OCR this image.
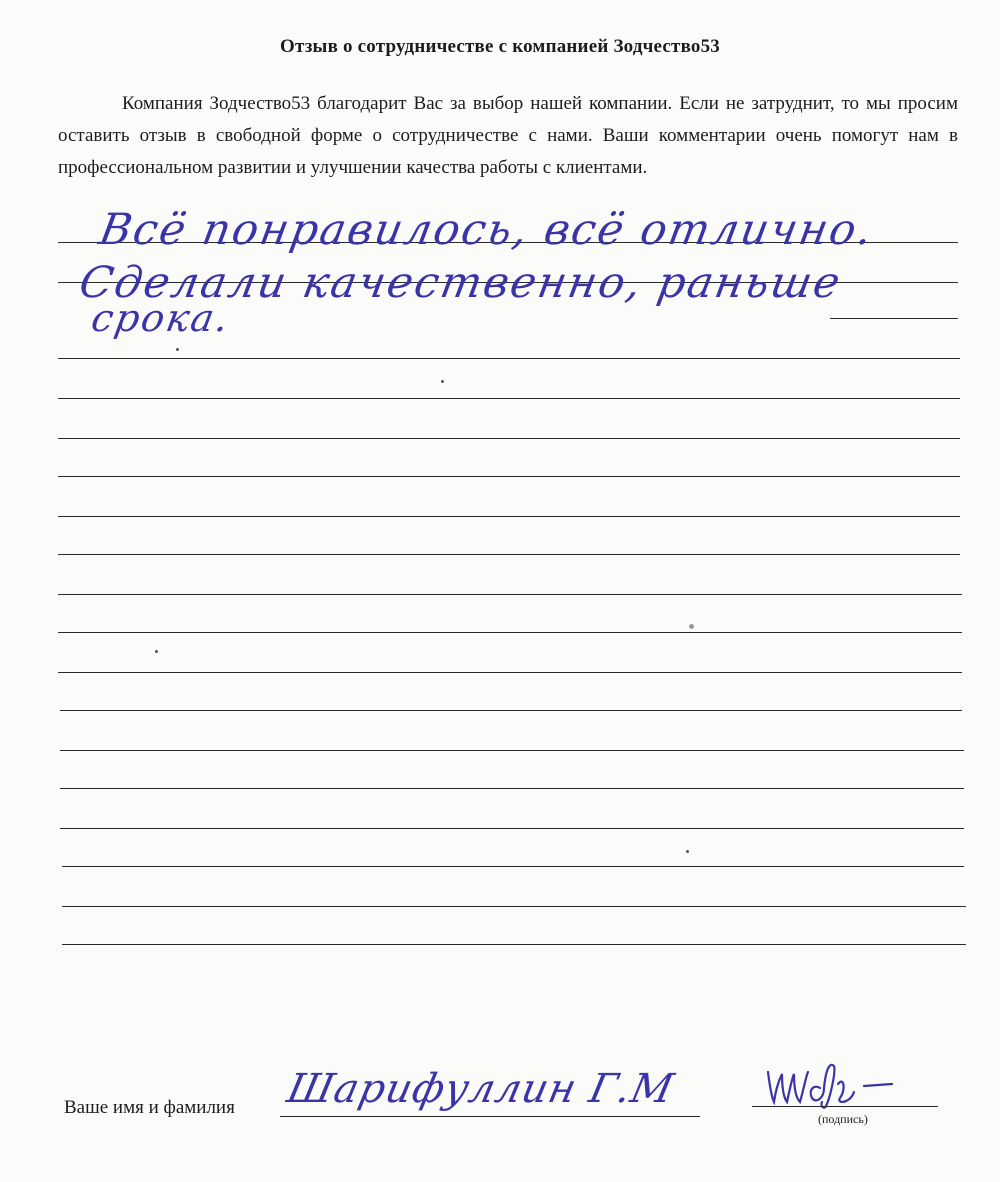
Отзыв о сотрудничестве с компанией Зодчество53
Компания Зодчество53 благодарит Вас за выбор нашей компании. Если не затруднит, то мы просим оставить отзыв в свободной форме о сотрудничестве с нами. Ваши комментарии очень помогут нам в профессиональном развитии и улучшении качества работы с клиентами.
Всё понравилось, всё отлично.
Сделали качественно, раньше
срока.
Ваше имя и фамилия Шарифуллин Г.М
(подпись)
